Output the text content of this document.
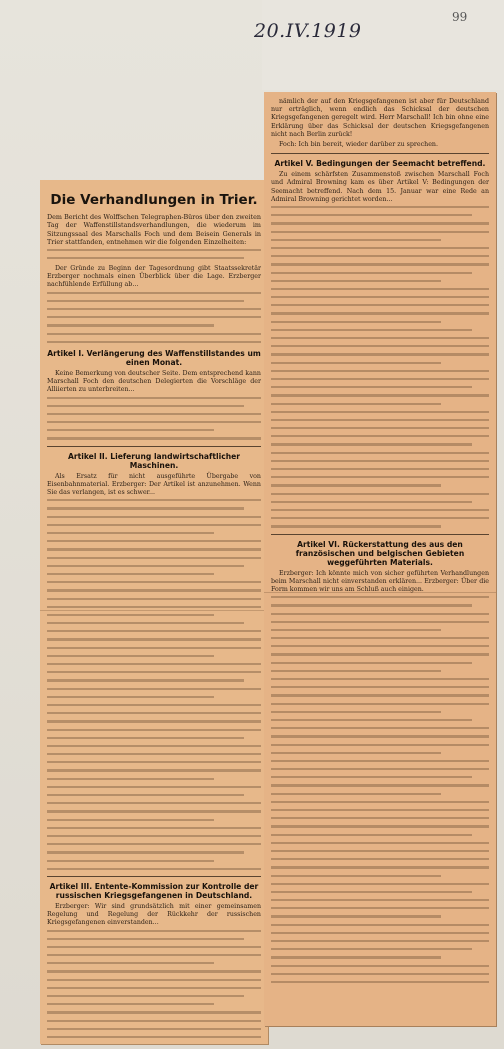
99
20.IV.1919
Die Verhandlungen in Trier.
Dem Bericht des Wolffschen Telegraphen-Büros über den zweiten Tag der Waffenstillstandsverhandlungen, die wiederum im Sitzungssaal des Marschalls Foch und dem Beisein Generals in Trier stattfanden, entnehmen wir die folgenden Einzelheiten:
Der Gründe zu Beginn der Tagesordnung gibt Staatssekretär Erzberger nochmals einen Überblick über die Lage. Erzberger nachfühlende Erfüllung ab...
Artikel I. Verlängerung des Waffenstillstandes um einen Monat.
Keine Bemerkung von deutscher Seite. Dem entsprechend kann Marschall Foch den deutschen Delegierten die Vorschläge der Alliierten zu unterbreiten...
Artikel II. Lieferung landwirtschaftlicher Maschinen.
Als Ersatz für nicht ausgeführte Übergabe von Eisenbahnmaterial. Erzberger: Der Artikel ist anzunehmen. Wenn Sie das verlangen, ist es schwer...
Artikel III. Entente-Kommission zur Kontrolle der russischen Kriegsgefangenen in Deutschland.
Erzberger: Wir sind grundsätzlich mit einer gemeinsamen Regelung und Regelung der Rückkehr der russischen Kriegsgefangenen einverstanden...
nämlich der auf den Kriegsgefangenen ist aber für Deutschland nur erträglich, wenn endlich das Schicksal der deutschen Kriegsgefangenen geregelt wird. Herr Marschall! Ich bin ohne eine Erklärung über das Schicksal der deutschen Kriegsgefangenen nicht nach Berlin zurück!
Foch: Ich bin bereit, wieder darüber zu sprechen.
Artikel V. Bedingungen der Seemacht betreffend.
Zu einem schärfsten Zusammenstoß zwischen Marschall Foch und Admiral Browning kam es über Artikel V: Bedingungen der Seemacht betreffend. Nach dem 15. Januar war eine Rede an Admiral Browning gerichtet worden...
Artikel VI. Rückerstattung des aus den französischen und belgischen Gebieten weggeführten Materials.
Erzberger: Ich könnte mich von sicher geführten Verhandlungen beim Marschall nicht einverstanden erklären... Erzberger: Über die Form kommen wir uns am Schluß auch einigen.
